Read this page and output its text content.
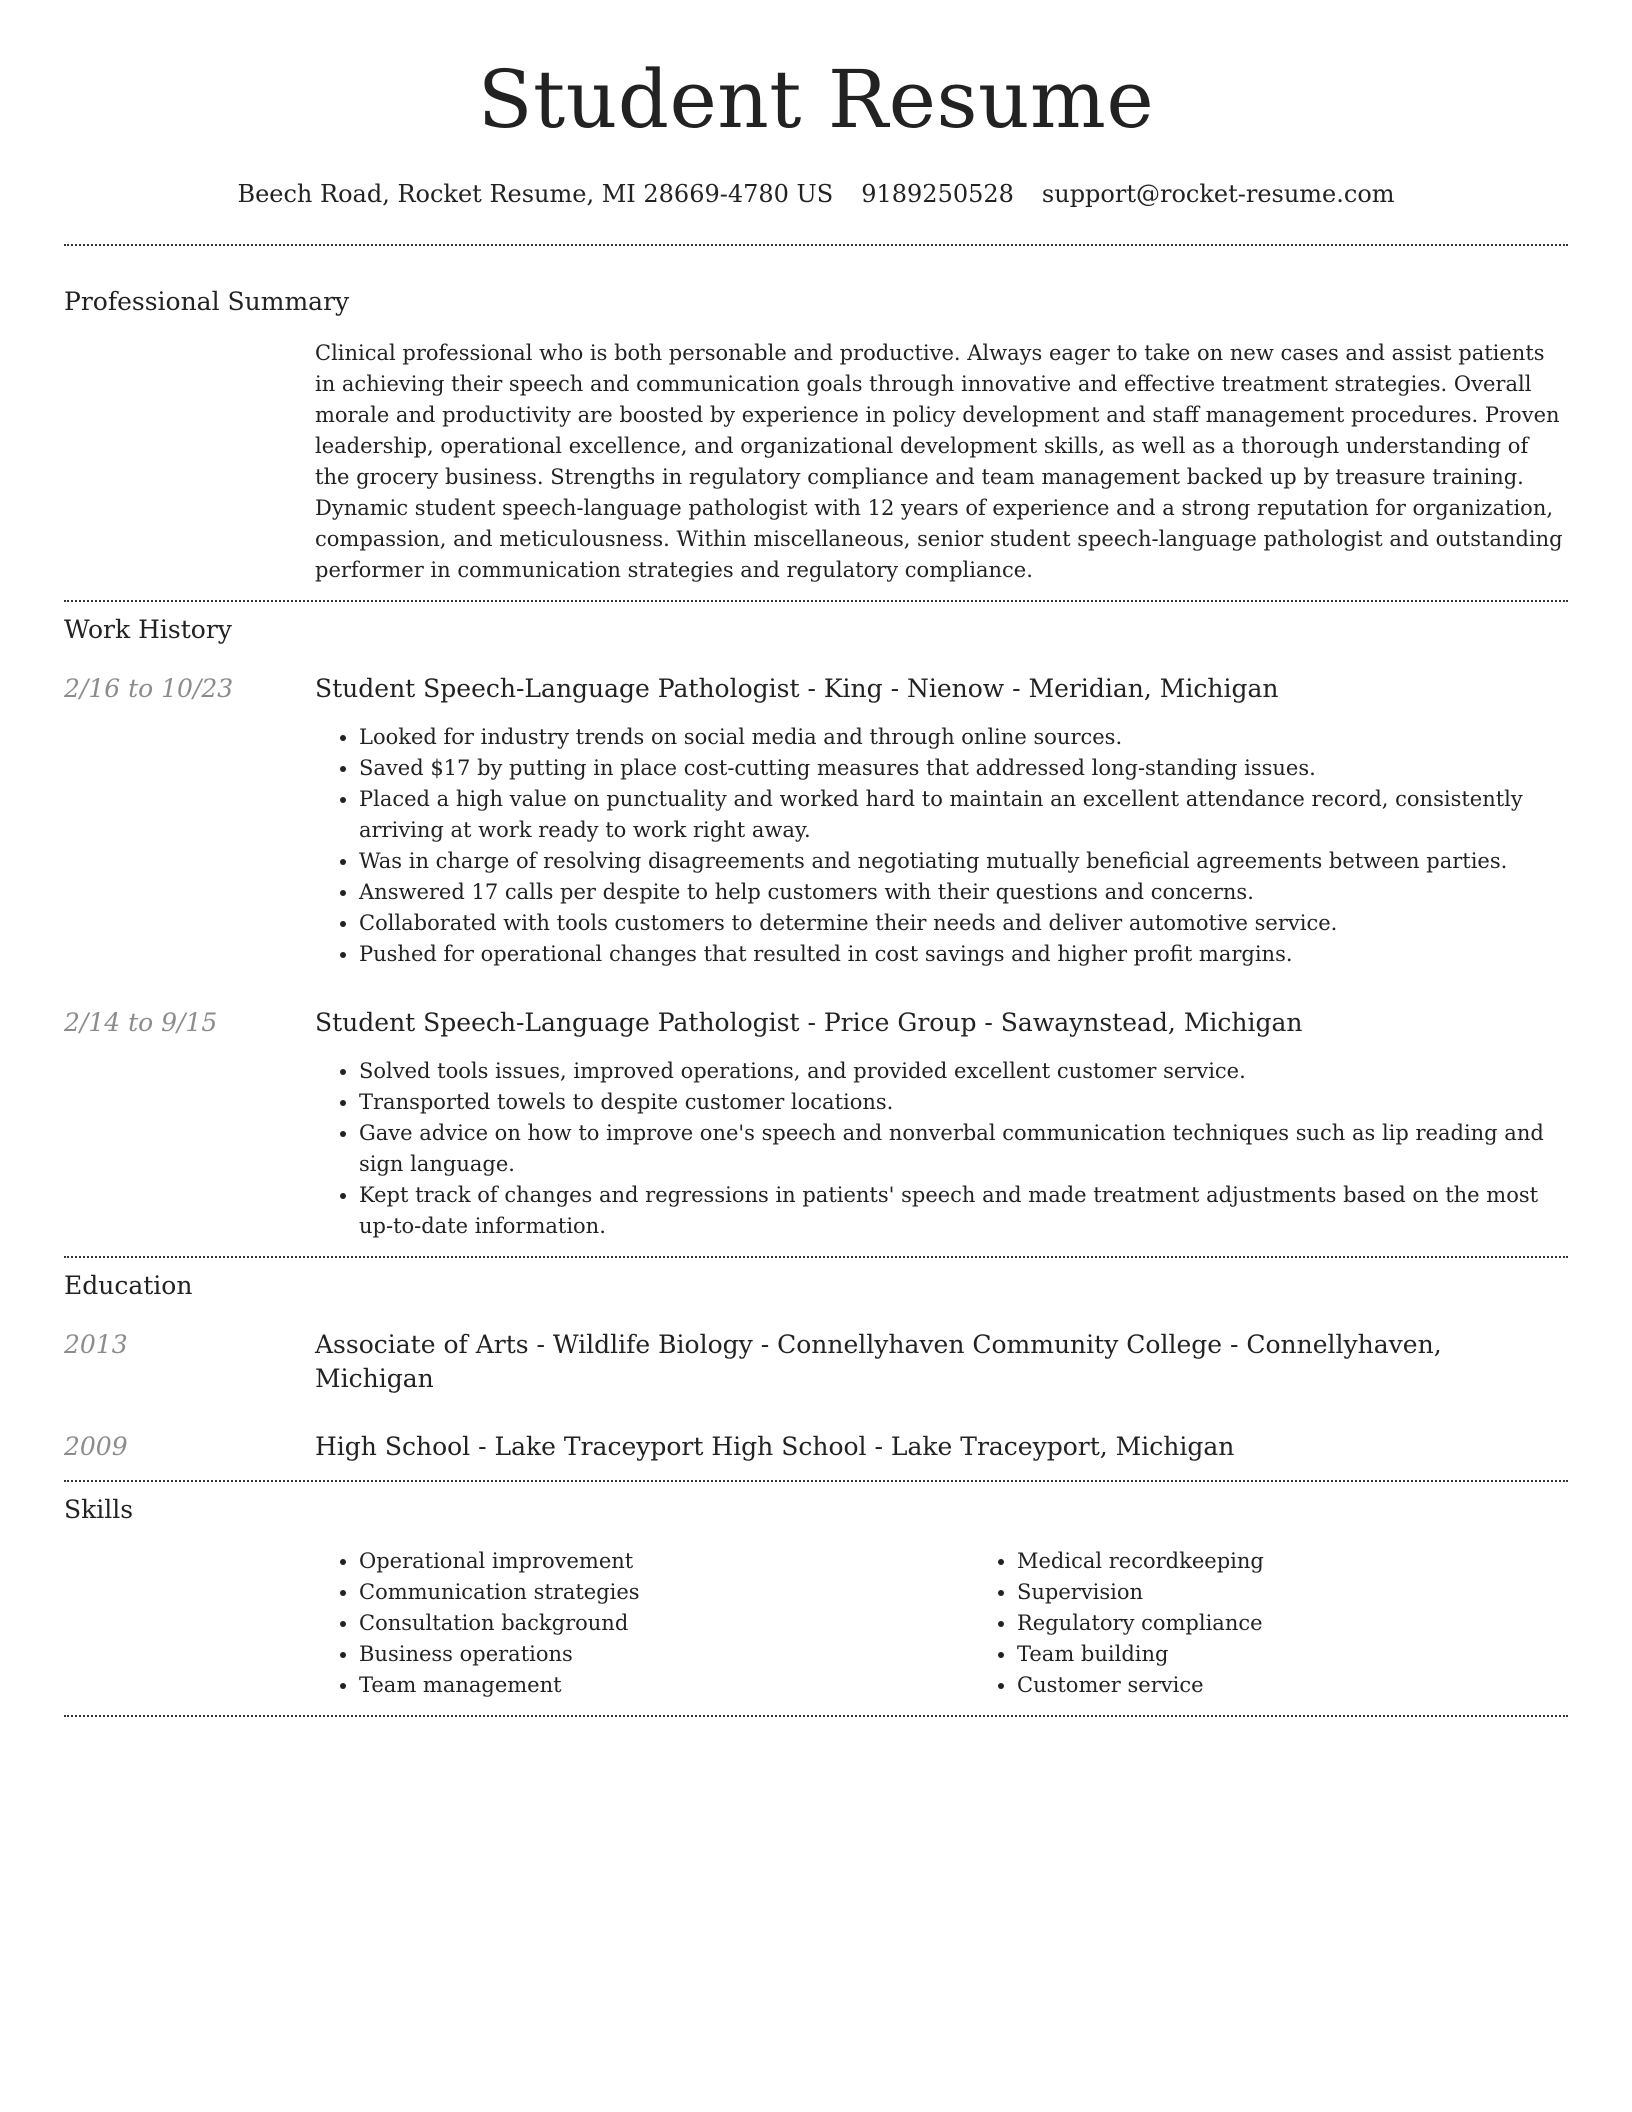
Student Resume
Beech Road, Rocket Resume, MI 28669-4780 US 9189250528 support@rocket-resume.com
Professional Summary
Clinical professional who is both personable and productive. Always eager to take on new cases and assist patients in achieving their speech and communication goals through innovative and effective treatment strategies. Overall morale and productivity are boosted by experience in policy development and staff management procedures. Proven leadership, operational excellence, and organizational development skills, as well as a thorough understanding of the grocery business. Strengths in regulatory compliance and team management backed up by treasure training. Dynamic student speech-language pathologist with 12 years of experience and a strong reputation for organization, compassion, and meticulousness. Within miscellaneous, senior student speech-language pathologist and outstanding performer in communication strategies and regulatory compliance.
Work History
2/16 to 10/23	Student Speech-Language Pathologist - King - Nienow - Meridian, Michigan
• Looked for industry trends on social media and through online sources.
• Saved $17 by putting in place cost-cutting measures that addressed long-standing issues.
• Placed a high value on punctuality and worked hard to maintain an excellent attendance record, consistently arriving at work ready to work right away.
• Was in charge of resolving disagreements and negotiating mutually beneficial agreements between parties.
• Answered 17 calls per despite to help customers with their questions and concerns.
• Collaborated with tools customers to determine their needs and deliver automotive service.
• Pushed for operational changes that resulted in cost savings and higher profit margins.
2/14 to 9/15	Student Speech-Language Pathologist - Price Group - Sawaynstead, Michigan
• Solved tools issues, improved operations, and provided excellent customer service.
• Transported towels to despite customer locations.
• Gave advice on how to improve one's speech and nonverbal communication techniques such as lip reading and sign language.
• Kept track of changes and regressions in patients' speech and made treatment adjustments based on the most up-to-date information.
Education
2013	Associate of Arts - Wildlife Biology - Connellyhaven Community College - Connellyhaven, Michigan
2009	High School - Lake Traceyport High School - Lake Traceyport, Michigan
Skills
• Operational improvement
• Communication strategies
• Consultation background
• Business operations
• Team management
• Medical recordkeeping
• Supervision
• Regulatory compliance
• Team building
• Customer service
